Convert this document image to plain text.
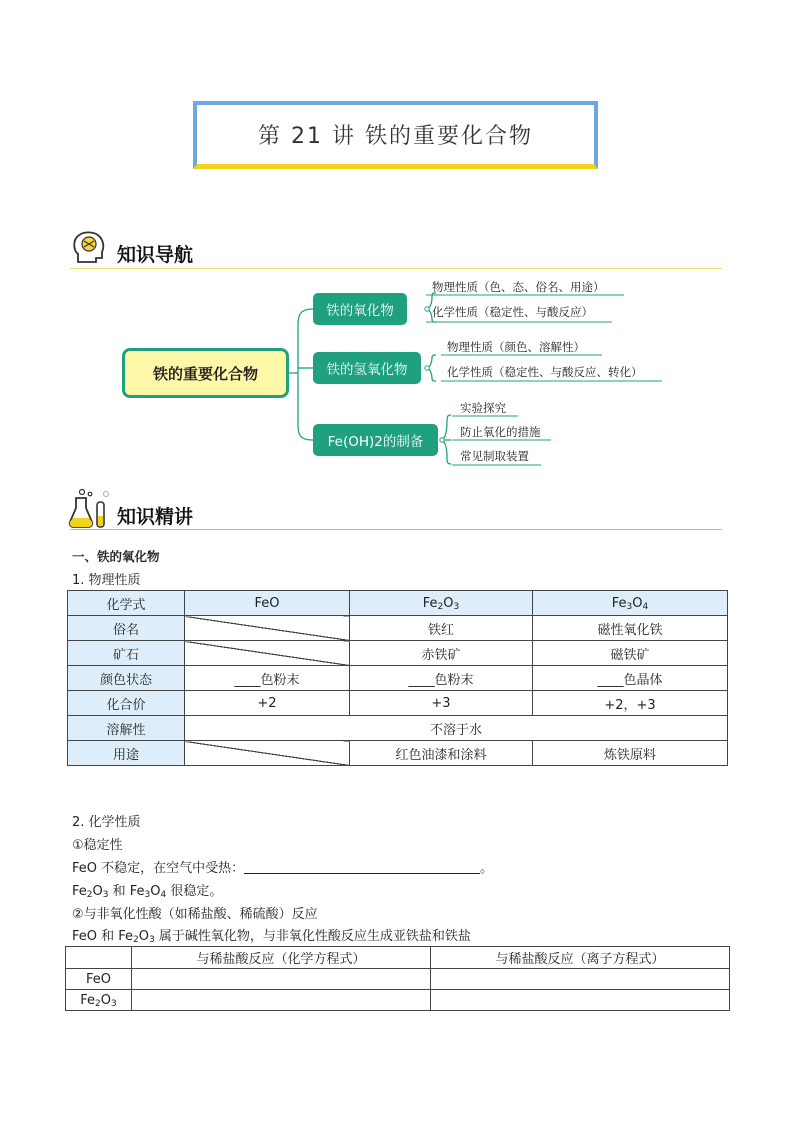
第 21 讲 铁的重要化合物
知识导航
铁的重要化合物
铁的氧化物
铁的氢氧化物
Fe(OH)2的制备
物理性质（色、态、俗名、用途）
化学性质（稳定性、与酸反应）
物理性质（颜色、溶解性）
化学性质（稳定性、与酸反应、转化）
实验探究
防止氧化的措施
常见制取装置
知识精讲
一、铁的氧化物
1. 物理性质
化学式	FeO	$Fe_2O_3$	$Fe_3O_4$
俗名		铁红	磁性氧化铁
矿石		赤铁矿	磁铁矿
颜色状态	____色粉末	____色粉末	____色晶体
化合价	+2	+3	+2，+3
溶解性	不溶于水		
用途		红色油漆和涂料	炼铁原料
2. 化学性质
①稳定性
FeO 不稳定，在空气中受热：	。
$Fe_2O_3$ 和 $Fe_3O_4$ 很稳定。
②与非氧化性酸（如稀盐酸、稀硫酸）反应
FeO 和 $Fe_2O_3$ 属于碱性氧化物，与非氧化性酸反应生成亚铁盐和铁盐
	与稀盐酸反应（化学方程式）	与稀盐酸反应（离子方程式）
FeO		
$Fe_2O_3$		
